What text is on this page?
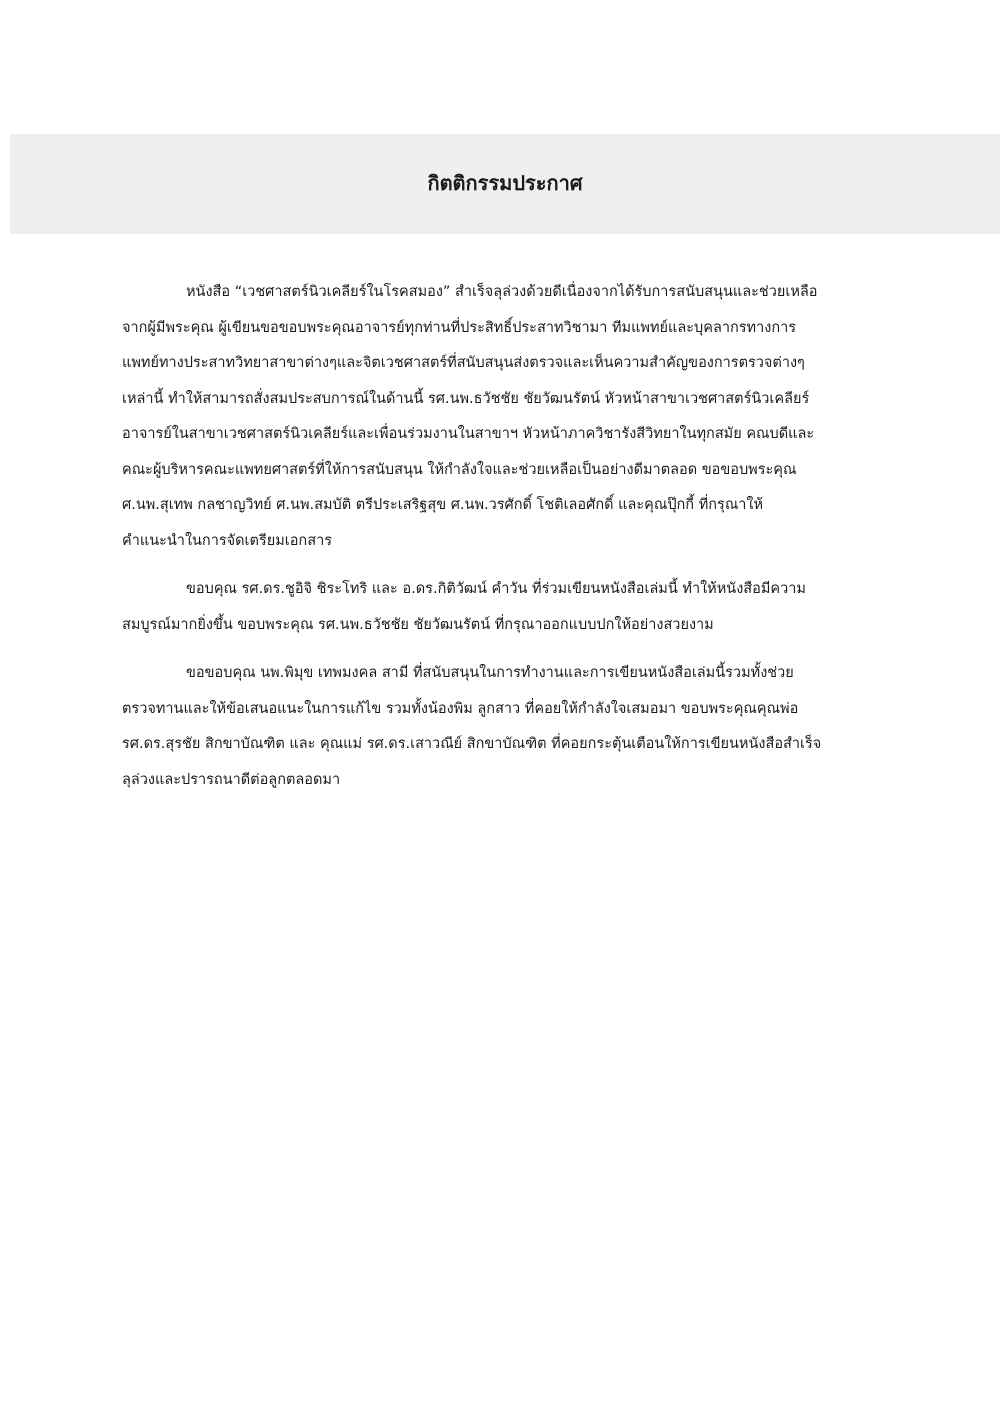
กิตติกรรมประกาศ

หนังสือ “เวชศาสตร์นิวเคลียร์ในโรคสมอง” สำเร็จลุล่วงด้วยดีเนื่องจากได้รับการสนับสนุนและช่วยเหลือ
จากผู้มีพระคุณ ผู้เขียนขอขอบพระคุณอาจารย์ทุกท่านที่ประสิทธิ์ประสาทวิชามา ทีมแพทย์และบุคลากรทางการ
แพทย์ทางประสาทวิทยาสาขาต่างๆและจิตเวชศาสตร์ที่สนับสนุนส่งตรวจและเห็นความสำคัญของการตรวจต่างๆ
เหล่านี้ ทำให้สามารถสั่งสมประสบการณ์ในด้านนี้ รศ.นพ.ธวัชชัย ชัยวัฒนรัตน์ หัวหน้าสาขาเวชศาสตร์นิวเคลียร์
อาจารย์ในสาขาเวชศาสตร์นิวเคลียร์และเพื่อนร่วมงานในสาขาฯ หัวหน้าภาควิชารังสีวิทยาในทุกสมัย คณบดีและ
คณะผู้บริหารคณะแพทยศาสตร์ที่ให้การสนับสนุน ให้กำลังใจและช่วยเหลือเป็นอย่างดีมาตลอด ขอขอบพระคุณ
ศ.นพ.สุเทพ กลชาญวิทย์ ศ.นพ.สมบัติ ตรีประเสริฐสุข ศ.นพ.วรศักดิ์ โชติเลอศักดิ์ และคุณปุ๊กกี้ ที่กรุณาให้
คำแนะนำในการจัดเตรียมเอกสาร

ขอบคุณ รศ.ดร.ชูอิจิ ชิระโทริ และ อ.ดร.กิติวัฒน์ คำวัน ที่ร่วมเขียนหนังสือเล่มนี้ ทำให้หนังสือมีความ
สมบูรณ์มากยิ่งขึ้น ขอบพระคุณ รศ.นพ.ธวัชชัย ชัยวัฒนรัตน์ ที่กรุณาออกแบบปกให้อย่างสวยงาม

ขอขอบคุณ นพ.พิมุข เทพมงคล สามี ที่สนับสนุนในการทำงานและการเขียนหนังสือเล่มนี้รวมทั้งช่วย
ตรวจทานและให้ข้อเสนอแนะในการแก้ไข รวมทั้งน้องพิม ลูกสาว ที่คอยให้กำลังใจเสมอมา ขอบพระคุณคุณพ่อ
รศ.ดร.สุรชัย สิกขาบัณฑิต และ คุณแม่ รศ.ดร.เสาวณีย์ สิกขาบัณฑิต ที่คอยกระตุ้นเตือนให้การเขียนหนังสือสำเร็จ
ลุล่วงและปรารถนาดีต่อลูกตลอดมา
